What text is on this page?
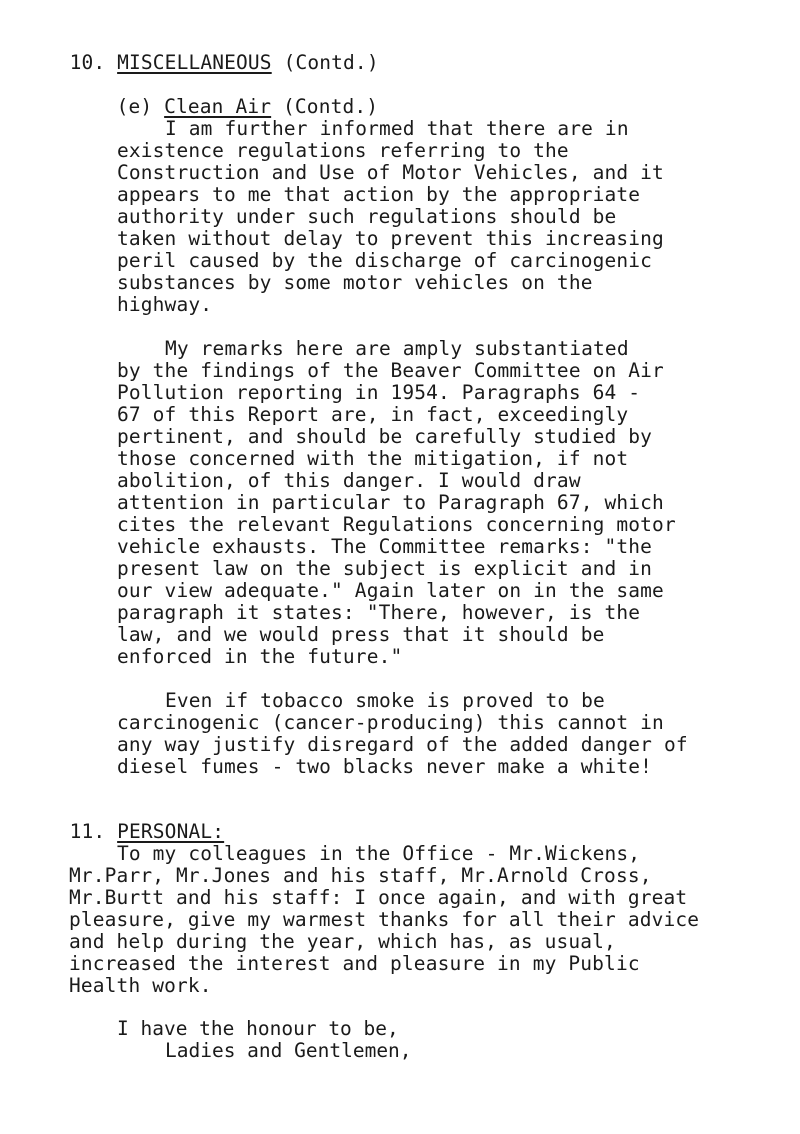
10. MISCELLANEOUS (Contd.)

(e) Clean Air (Contd.)

I am further informed that there are in
existence regulations referring to the
Construction and Use of Motor Vehicles, and it
appears to me that action by the appropriate
authority under such regulations should be
taken without delay to prevent this increasing
peril caused by the discharge of carcinogenic
substances by some motor vehicles on the
highway.
My remarks here are amply substantiated
by the findings of the Beaver Committee on Air
Pollution reporting in 1954. Paragraphs 64 -
67 of this Report are, in fact, exceedingly
pertinent, and should be carefully studied by
those concerned with the mitigation, if not
abolition, of this danger. I would draw
attention in particular to Paragraph 67, which
cites the relevant Regulations concerning motor
vehicle exhausts. The Committee remarks: "the
present law on the subject is explicit and in
our view adequate." Again later on in the same
paragraph it states: "There, however, is the
law, and we would press that it should be
enforced in the future."
Even if tobacco smoke is proved to be
carcinogenic (cancer-producing) this cannot in
any way justify disregard of the added danger of
diesel fumes - two blacks never make a white!

11. PERSONAL:

To my colleagues in the Office - Mr.Wickens,
Mr.Parr, Mr.Jones and his staff, Mr.Arnold Cross,
Mr.Burtt and his staff: I once again, and with great
pleasure, give my warmest thanks for all their advice
and help during the year, which has, as usual,
increased the interest and pleasure in my Public
Health work.
I have the honour to be,
Ladies and Gentlemen,
